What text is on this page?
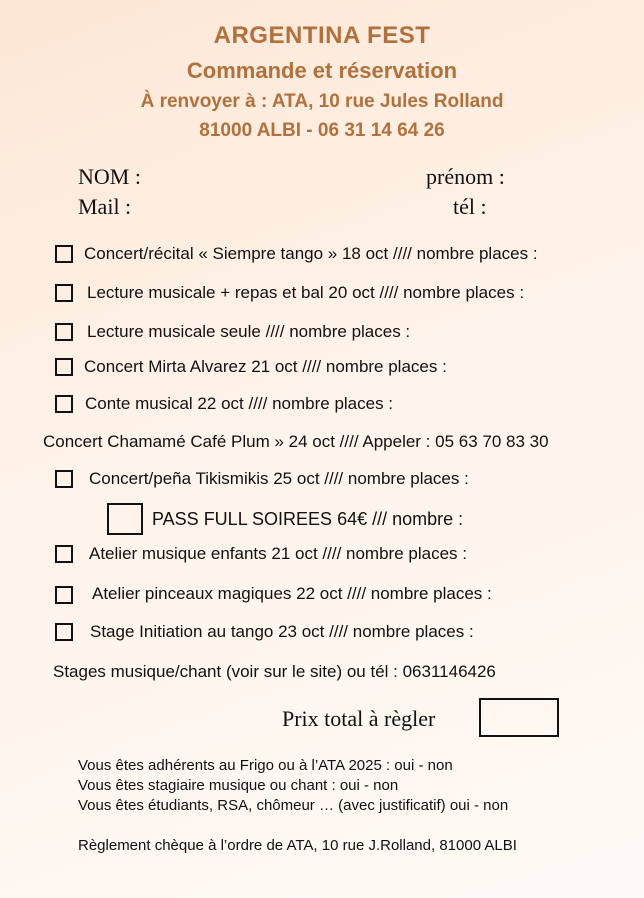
ARGENTINA FEST
Commande et réservation
À renvoyer à : ATA, 10 rue Jules Rolland
81000 ALBI - 06 31 14 64 26
NOM :	prénom :
Mail :	tél :
Concert/récital « Siempre tango » 18 oct //// nombre places :
Lecture musicale + repas et bal 20 oct //// nombre places :
Lecture musicale seule //// nombre places :
Concert Mirta Alvarez 21 oct //// nombre places :
Conte musical 22 oct //// nombre places :
Concert Chamamé Café Plum » 24 oct //// Appeler : 05 63 70 83 30
Concert/peña Tikismikis 25 oct //// nombre places :
PASS FULL SOIREES 64€ /// nombre :
Atelier musique enfants 21 oct //// nombre places :
Atelier pinceaux magiques 22 oct //// nombre places :
Stage Initiation au tango 23 oct //// nombre places :
Stages musique/chant (voir sur le site) ou tél : 0631146426
Prix total à règler
Vous êtes adhérents au Frigo ou à l’ATA 2025 : oui - non
Vous êtes stagiaire musique ou chant : oui - non
Vous êtes étudiants, RSA, chômeur … (avec justificatif) oui - non
Règlement chèque à l’ordre de ATA, 10 rue J.Rolland, 81000 ALBI
